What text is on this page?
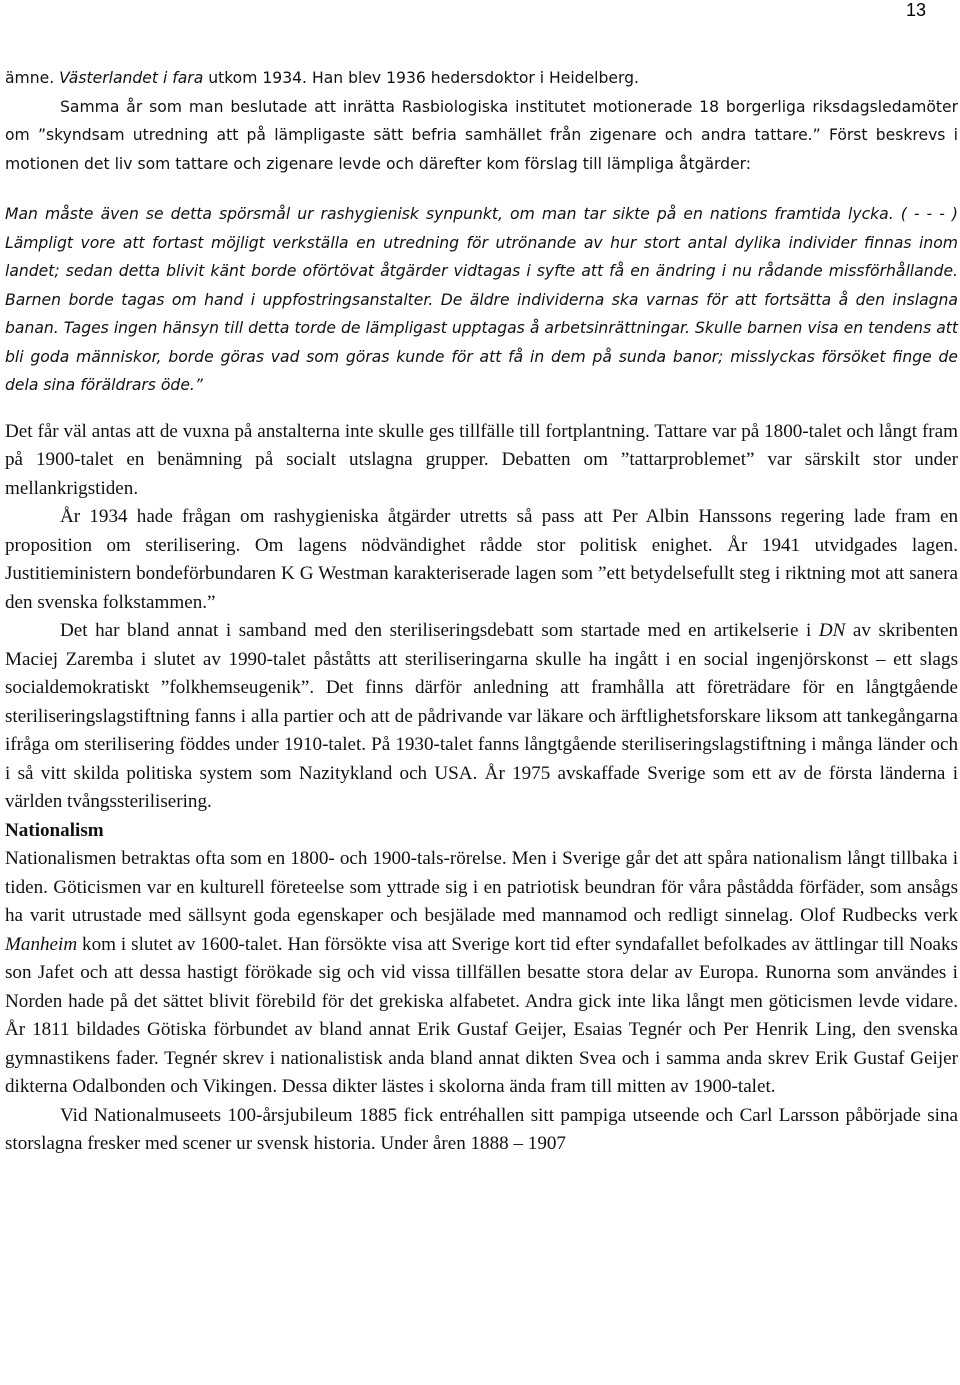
13

ämne. Västerlandet i fara utkom 1934. Han blev 1936 hedersdoktor i Heidelberg.

Samma år som man beslutade att inrätta Rasbiologiska institutet motionerade 18 borgerliga riksdagsledamöter om ”skyndsam utredning att på lämpligaste sätt befria samhället från zigenare och andra tattare.” Först beskrevs i motionen det liv som tattare och zigenare levde och därefter kom förslag till lämpliga åtgärder:

Man måste även se detta spörsmål ur rashygienisk synpunkt, om man tar sikte på en nations framtida lycka. ( - - - ) Lämpligt vore att fortast möjligt verkställa en utredning för utrönande av hur stort antal dylika individer finnas inom landet; sedan detta blivit känt borde oförtövat åtgärder vidtagas i syfte att få en ändring i nu rådande missförhållande. Barnen borde tagas om hand i uppfostringsanstalter. De äldre individerna ska varnas för att fortsätta å den inslagna banan. Tages ingen hänsyn till detta torde de lämpligast upptagas å arbetsinrättningar. Skulle barnen visa en tendens att bli goda människor, borde göras vad som göras kunde för att få in dem på sunda banor; misslyckas försöket finge de dela sina föräldrars öde.”

Det får väl antas att de vuxna på anstalterna inte skulle ges tillfälle till fortplantning. Tattare var på 1800-talet och långt fram på 1900-talet en benämning på socialt utslagna grupper. Debatten om ”tattarproblemet” var särskilt stor under mellankrigstiden.

År 1934 hade frågan om rashygieniska åtgärder utretts så pass att Per Albin Hanssons regering lade fram en proposition om sterilisering. Om lagens nödvändighet rådde stor politisk enighet. År 1941 utvidgades lagen. Justitieministern bondeförbundaren K G Westman karakteriserade lagen som ”ett betydelsefullt steg i riktning mot att sanera den svenska folkstammen.”

Det har bland annat i samband med den steriliseringsdebatt som startade med en artikelserie i DN av skribenten Maciej Zaremba i slutet av 1990-talet påståtts att steriliseringarna skulle ha ingått i en social ingenjörskonst – ett slags socialdemokratiskt ”folkhemseugenik”. Det finns därför anledning att framhålla att företrädare för en långtgående steriliseringslagstiftning fanns i alla partier och att de pådrivande var läkare och ärftlighetsforskare liksom att tankegångarna ifråga om sterilisering föddes under 1910-talet. På 1930-talet fanns långtgående steriliseringslagstiftning i många länder och i så vitt skilda politiska system som Nazitykland och USA. År 1975 avskaffade Sverige som ett av de första länderna i världen tvångssterilisering.

Nationalism

Nationalismen betraktas ofta som en 1800- och 1900-tals-rörelse. Men i Sverige går det att spåra nationalism långt tillbaka i tiden. Göticismen var en kulturell företeelse som yttrade sig i en patriotisk beundran för våra påstådda förfäder, som ansågs ha varit utrustade med sällsynt goda egenskaper och besjälade med mannamod och redligt sinnelag. Olof Rudbecks verk Manheim kom i slutet av 1600-talet. Han försökte visa att Sverige kort tid efter syndafallet befolkades av ättlingar till Noaks son Jafet och att dessa hastigt förökade sig och vid vissa tillfällen besatte stora delar av Europa. Runorna som användes i Norden hade på det sättet blivit förebild för det grekiska alfabetet. Andra gick inte lika långt men göticismen levde vidare. År 1811 bildades Götiska förbundet av bland annat Erik Gustaf Geijer, Esaias Tegnér och Per Henrik Ling, den svenska gymnastikens fader. Tegnér skrev i nationalistisk anda bland annat dikten Svea och i samma anda skrev Erik Gustaf Geijer dikterna Odalbonden och Vikingen. Dessa dikter lästes i skolorna ända fram till mitten av 1900-talet.

Vid Nationalmuseets 100-årsjubileum 1885 fick entréhallen sitt pampiga utseende och Carl Larsson påbörjade sina storslagna fresker med scener ur svensk historia. Under åren 1888 – 1907
